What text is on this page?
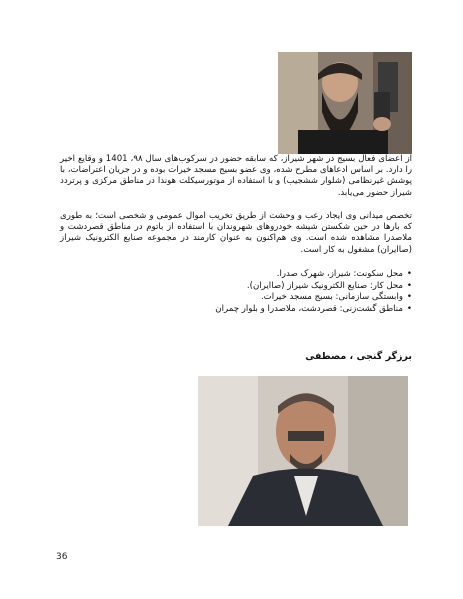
از اعضای فعال بسیج در شهر شیراز، که سابقه حضور در سرکوب‌های سال ۹۸، 1401 و وقایع اخیر را دارد. بر اساس ادعاهای مطرح شده، وی عضو بسیج مسجد خیرات بوده و در جریان اعتراضات، با پوشش غیرنظامی (شلوار ششجیب) و با استفاده از موتورسیکلت هوندا در مناطق مرکزی و پرتردد شیراز حضور می‌یابد.

تخصص میدانی وی ایجاد رعب و وحشت از طریق تخریب اموال عمومی و شخصی است؛ به طوری که بارها در حین شکستن شیشه خودروهای شهروندان با استفاده از باتوم در مناطق قصردشت و ملاصدرا مشاهده شده است. وی هم‌اکنون به عنوان کارمند در مجموعه صنایع الکترونیک شیراز (صاایران) مشغول به کار است.

•
محل سکونت: شیراز، شهرک صدرا.
•
محل کار: صنایع الکترونیک شیراز (صاایران).
•
وابستگی سازمانی: بسیج مسجد خیرات.
•
مناطق گشت‌زنی: قصردشت، ملاصدرا و بلوار چمران
برزگر گنجی ، مصطفی
36
